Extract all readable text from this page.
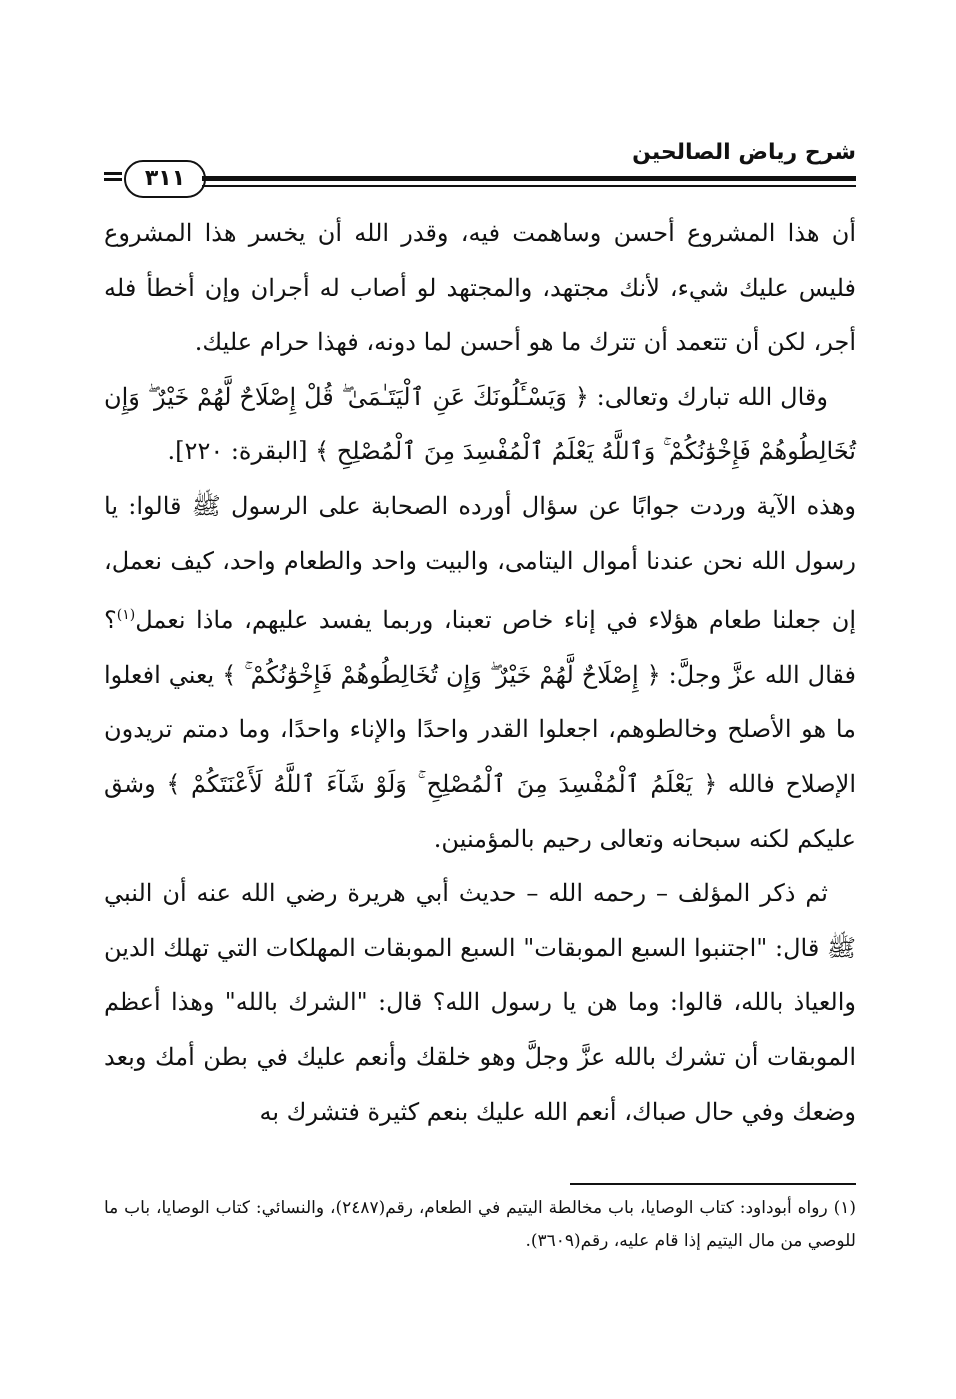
شرح رياض الصالحين
٣١١

أن هذا المشروع أحسن وساهمت فيه، وقدر الله أن يخسر هذا المشروع فليس عليك شيء، لأنك مجتهد، والمجتهد لو أصاب له أجران وإن أخطأ فله أجر، لكن أن تتعمد أن تترك ما هو أحسن لما دونه، فهذا حرام عليك.

وقال الله تبارك وتعالى: ﴿ وَيَسْـَٔلُونَكَ عَنِ ٱلْيَتَـٰمَىٰ ۖ قُلْ إِصْلَاحٌ لَّهُمْ خَيْرٌ ۖ وَإِن تُخَالِطُوهُمْ فَإِخْوَٰنُكُمْ ۚ وَٱللَّهُ يَعْلَمُ ٱلْمُفْسِدَ مِنَ ٱلْمُصْلِحِ ﴾ [البقرة: ٢٢٠].

وهذه الآية وردت جوابًا عن سؤال أورده الصحابة على الرسول ﷺ قالوا: يا رسول الله نحن عندنا أموال اليتامى، والبيت واحد والطعام واحد، كيف نعمل، إن جعلنا طعام هؤلاء في إناء خاص تعبنا، وربما يفسد عليهم، ماذا نعمل$^{(١)}$؟ فقال الله عزَّ وجلَّ: ﴿ إِصْلَاحٌ لَّهُمْ خَيْرٌ ۖ وَإِن تُخَالِطُوهُمْ فَإِخْوَٰنُكُمْ ۚ ﴾ يعني افعلوا ما هو الأصلح وخالطوهم، اجعلوا القدر واحدًا والإناء واحدًا، وما دمتم تريدون الإصلاح فالله ﴿ يَعْلَمُ ٱلْمُفْسِدَ مِنَ ٱلْمُصْلِحِ ۚ وَلَوْ شَآءَ ٱللَّهُ لَأَعْنَتَكُمْ ﴾ وشق عليكم لكنه سبحانه وتعالى رحيم بالمؤمنين.

ثم ذكر المؤلف – رحمه الله – حديث أبي هريرة رضي الله عنه أن النبي ﷺ قال: "اجتنبوا السبع الموبقات" السبع الموبقات المهلكات التي تهلك الدين والعياذ بالله، قالوا: وما هن يا رسول الله؟ قال: "الشرك بالله" وهذا أعظم الموبقات أن تشرك بالله عزَّ وجلَّ وهو خلقك وأنعم عليك في بطن أمك وبعد وضعك وفي حال صباك، أنعم الله عليك بنعم كثيرة فتشرك به

(١) رواه أبوداود: كتاب الوصايا، باب مخالطة اليتيم في الطعام، رقم(٢٤٨٧)، والنسائي: كتاب الوصايا، باب ما للوصي من مال اليتيم إذا قام عليه، رقم(٣٦٠٩).
